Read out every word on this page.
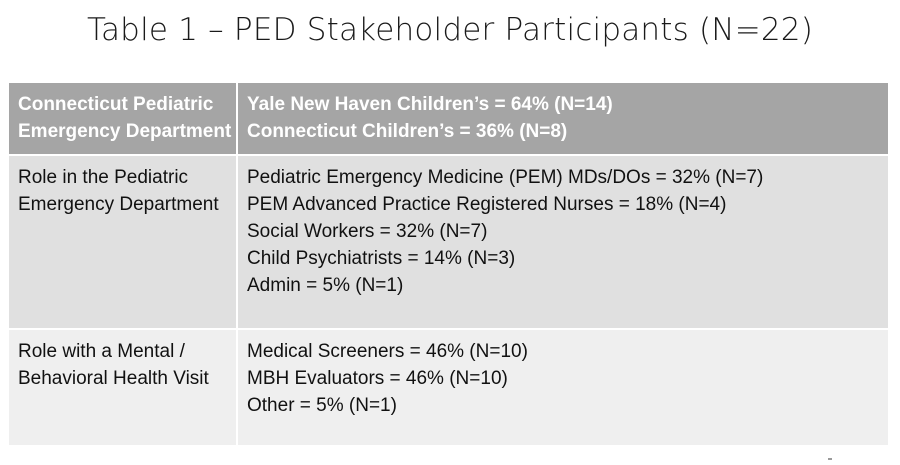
Table 1 – PED Stakeholder Participants (N=22)
Connecticut Pediatric
Emergency Department	Yale New Haven Children’s = 64% (N=14)
Connecticut Children’s = 36% (N=8)

Role in the Pediatric
Emergency Department	Pediatric Emergency Medicine (PEM) MDs/DOs = 32% (N=7)
PEM Advanced Practice Registered Nurses = 18% (N=4)
Social Workers = 32% (N=7)
Child Psychiatrists = 14% (N=3)
Admin = 5% (N=1)

Role with a Mental /
Behavioral Health Visit	Medical Screeners = 46% (N=10)
MBH Evaluators = 46% (N=10)
Other = 5% (N=1)
